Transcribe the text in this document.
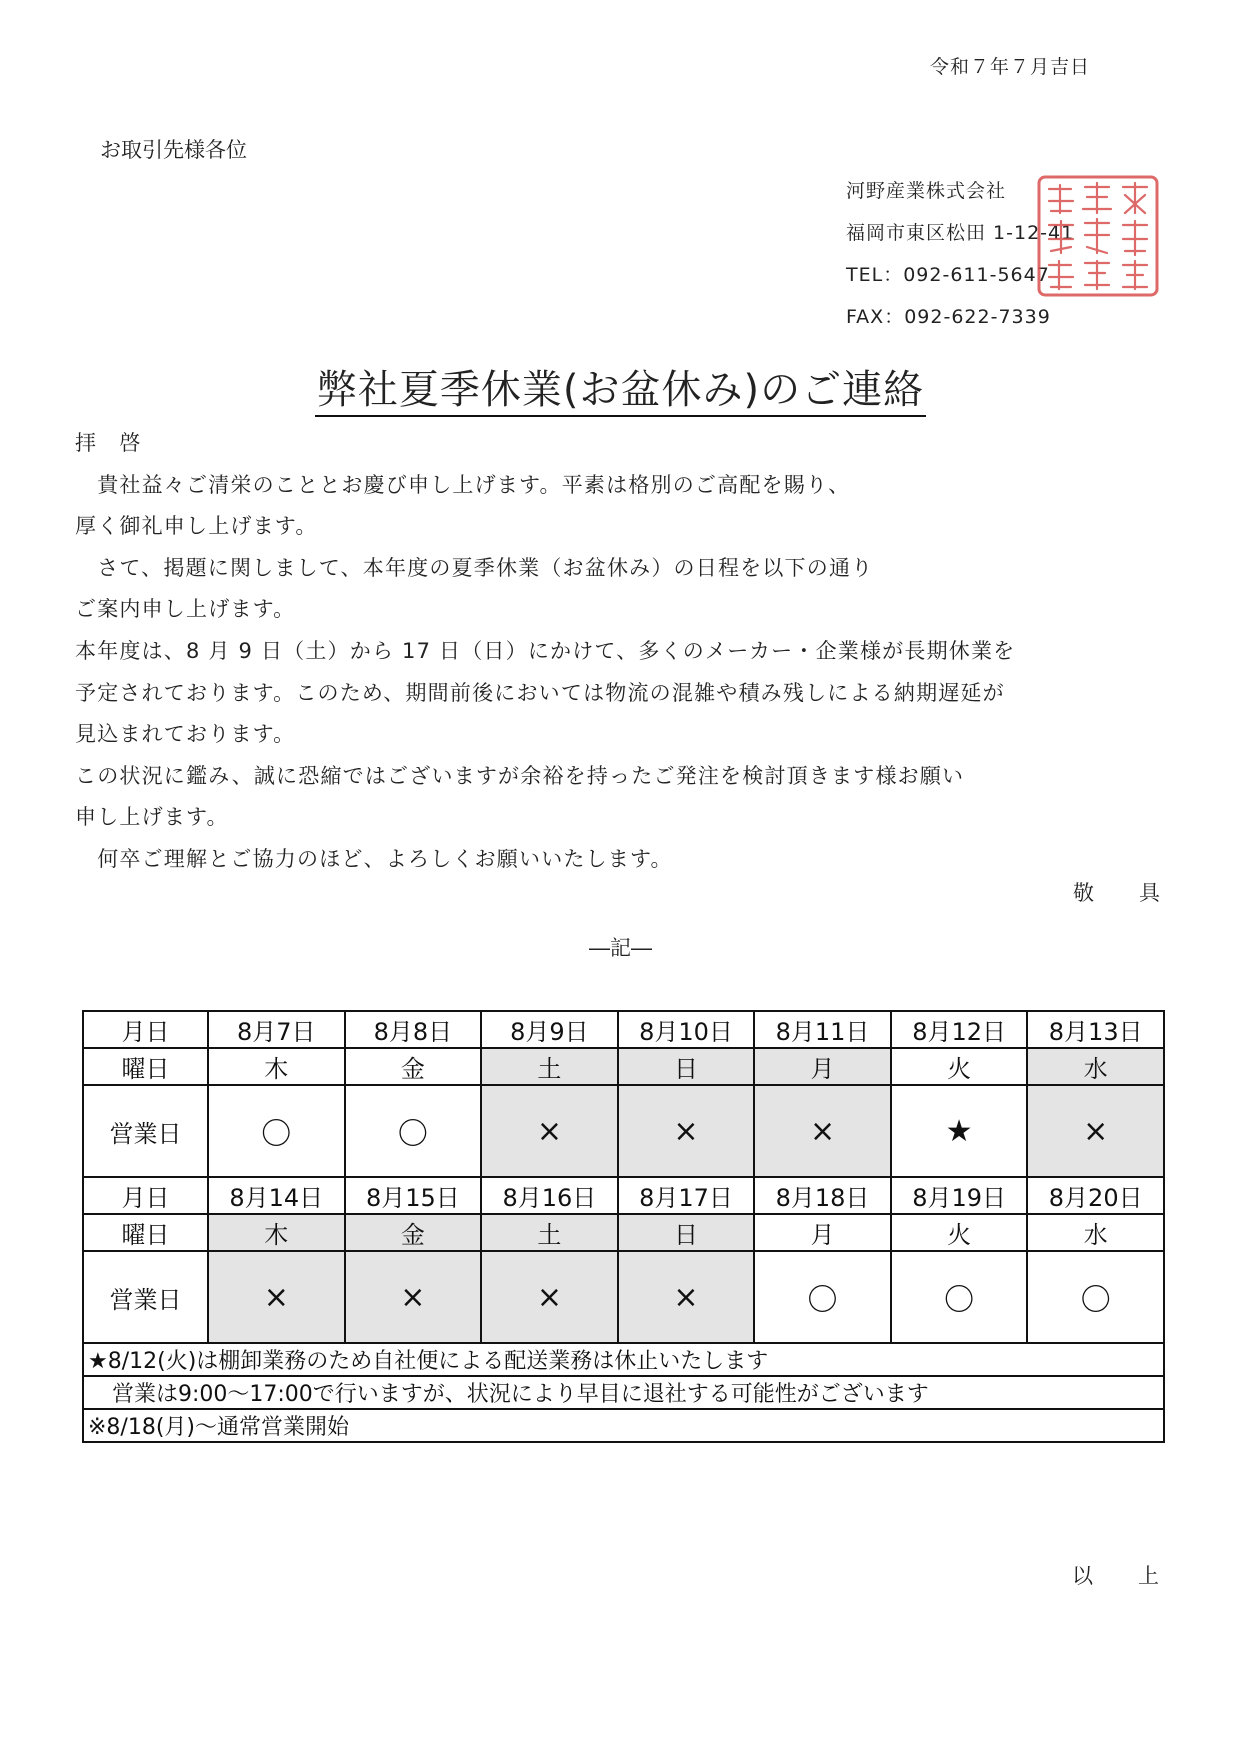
令和７年７月吉日
お取引先様各位
河野産業株式会社
福岡市東区松田 1-12-41
TEL：092-611-5647
FAX：092-622-7339
弊社夏季休業(お盆休み)のご連絡
拝　啓
　貴社益々ご清栄のこととお慶び申し上げます。平素は格別のご高配を賜り、
厚く御礼申し上げます。
　さて、掲題に関しまして、本年度の夏季休業（お盆休み）の日程を以下の通り
ご案内申し上げます。
本年度は、8 月 9 日（土）から 17 日（日）にかけて、多くのメーカー・企業様が長期休業を
予定されております。このため、期間前後においては物流の混雑や積み残しによる納期遅延が
見込まれております。
この状況に鑑み、誠に恐縮ではございますが余裕を持ったご発注を検討頂きます様お願い
申し上げます。
　何卒ご理解とご協力のほど、よろしくお願いいたします。
敬　具
―記―
月日	8月7日	8月8日	8月9日	8月10日	8月11日	8月12日	8月13日
曜日	木	金	土	日	月	火	水
営業日	〇	〇	×	×	×	★	×
月日	8月14日	8月15日	8月16日	8月17日	8月18日	8月19日	8月20日
曜日	木	金	土	日	月	火	水
営業日	×	×	×	×	〇	〇	〇
★8/12(火)は棚卸業務のため自社便による配送業務は休止いたします							
営業は9:00～17:00で行いますが、状況により早目に退社する可能性がございます							
※8/18(月)～通常営業開始							
以　上
